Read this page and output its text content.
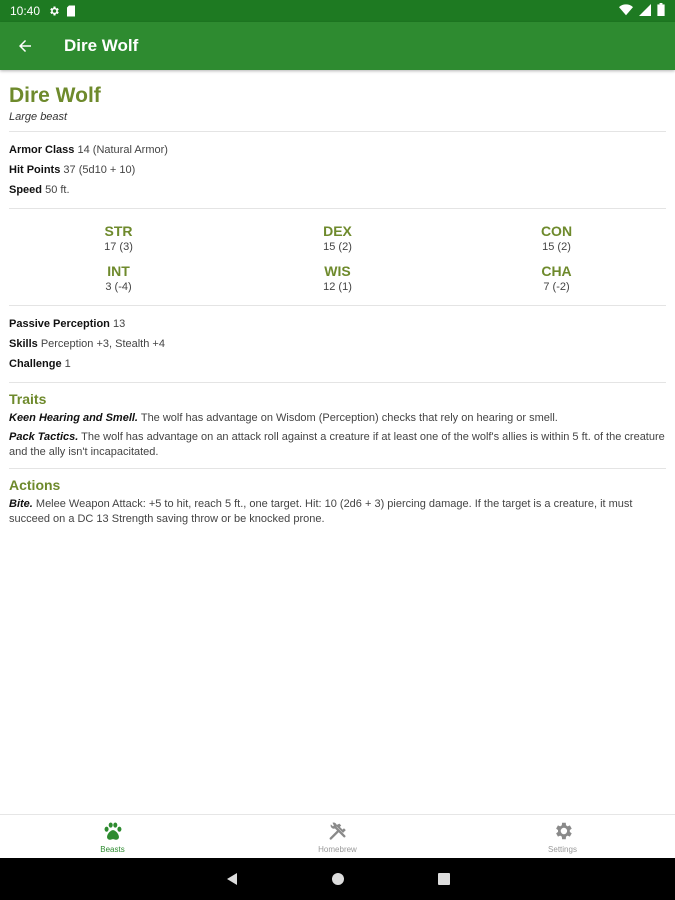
10:40
Dire Wolf
Dire Wolf
Large beast
Armor Class 14 (Natural Armor)
Hit Points 37 (5d10 + 10)
Speed 50 ft.
STR
17 (3)
DEX
15 (2)
CON
15 (2)
INT
3 (-4)
WIS
12 (1)
CHA
7 (-2)
Passive Perception 13
Skills Perception +3, Stealth +4
Challenge 1
Traits
Keen Hearing and Smell. The wolf has advantage on Wisdom (Perception) checks that rely on hearing or smell.
Pack Tactics. The wolf has advantage on an attack roll against a creature if at least one of the wolf's allies is within 5 ft. of the creature and the ally isn't incapacitated.
Actions
Bite. Melee Weapon Attack: +5 to hit, reach 5 ft., one target. Hit: 10 (2d6 + 3) piercing damage. If the target is a creature, it must succeed on a DC 13 Strength saving throw or be knocked prone.
Beasts	Homebrew	Settings
